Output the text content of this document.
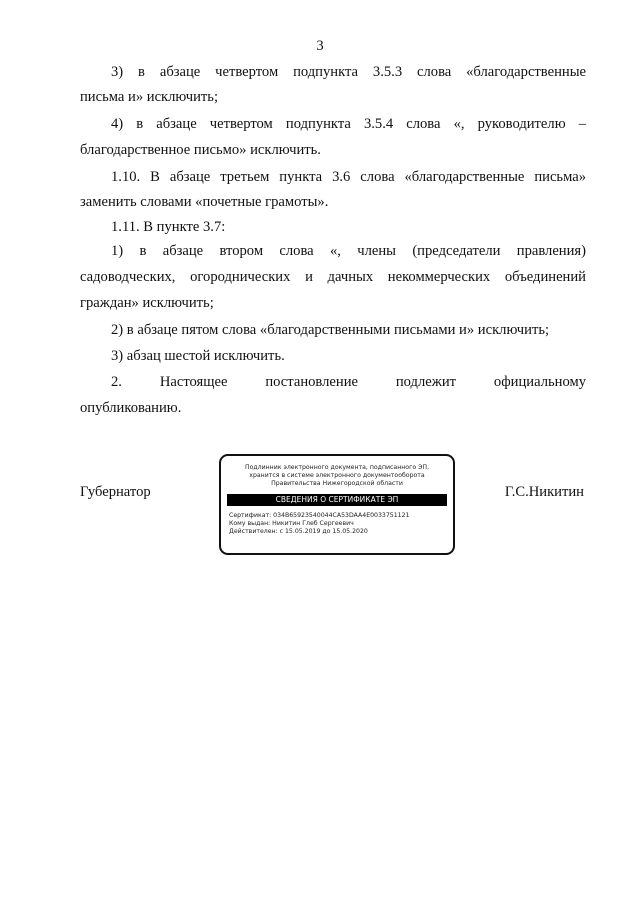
3
3) в абзаце четвертом подпункта 3.5.3 слова «благодарственные
письма и» исключить;
4) в абзаце четвертом подпункта 3.5.4 слова «, руководителю –
благодарственное письмо» исключить.
1.10. В абзаце третьем пункта 3.6 слова «благодарственные письма»
заменить словами «почетные грамоты».
1.11. В пункте 3.7:
1) в абзаце втором слова «, члены (председатели правления)
садоводческих, огороднических и дачных некоммерческих объединений
граждан» исключить;
2) в абзаце пятом слова «благодарственными письмами и» исключить;
3) абзац шестой исключить.
2. Настоящее постановление подлежит официальному
опубликованию.
Губернатор	Г.С.Никитин
Подлинник электронного документа, подписанного ЭП,
хранится в системе электронного документооборота
Правительства Нижегородской области
СВЕДЕНИЯ О СЕРТИФИКАТЕ ЭП
Сертификат: 034B65923540044CA53DAA4E0033751121
Кому выдан: Никитин Глеб Сергеевич
Действителен: с 15.05.2019 до 15.05.2020
